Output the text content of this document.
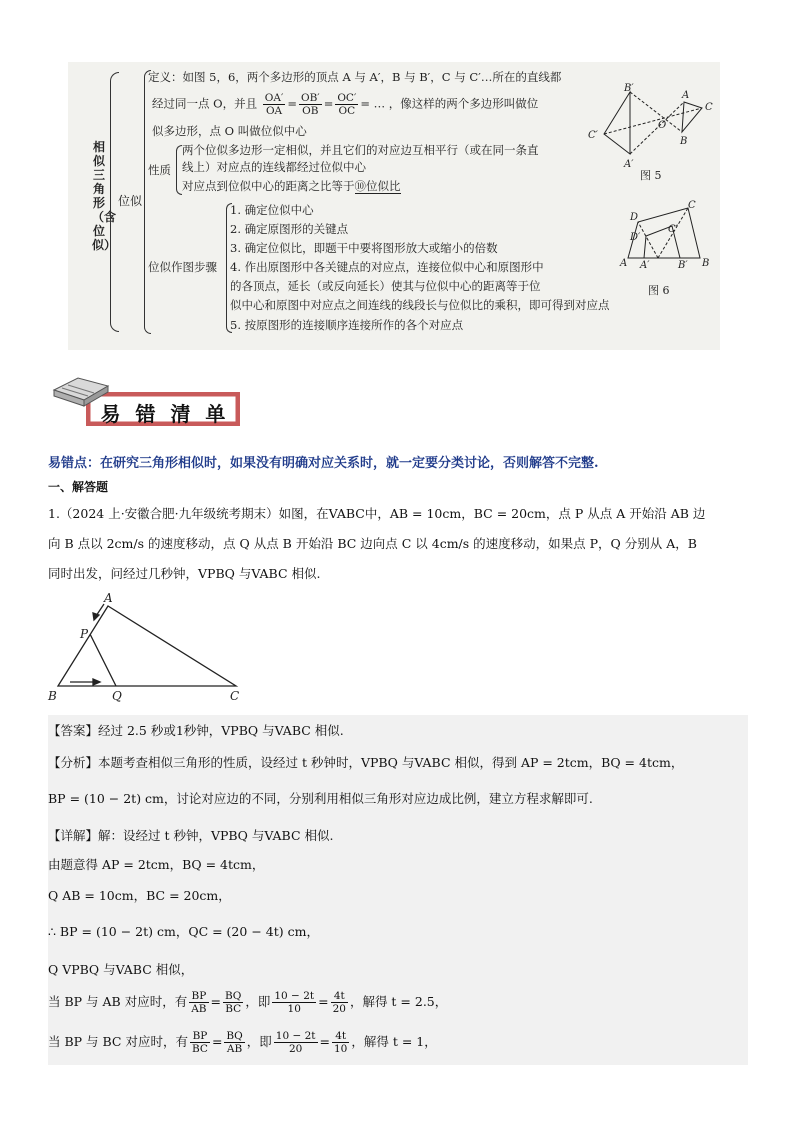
相似三角形（含位似）
位似
定义：如图 5，6，两个多边形的顶点 A 与 A′，B 与 B′，C 与 C′…所在的直线都
经过同一点 O，并且 $\frac{OA'}{OA} = \frac{OB'}{OB} = \frac{OC'}{OC}$ = … ，像这样的两个多边形叫做位
似多边形，点 O 叫做位似中心
性质
两个位似多边形一定相似，并且它们的对应边互相平行（或在同一条直
线上）对应点的连线都经过位似中心
对应点到位似中心的距离之比等于⑩位似比
位似作图步骤
1. 确定位似中心
2. 确定原图形的关键点
3. 确定位似比，即题干中要将图形放大或缩小的倍数
4. 作出原图形中各关键点的对应点，连接位似中心和原图形中
的各顶点，延长（或反向延长）使其与位似中心的距离等于位
似中心和原图中对应点之间连线的线段长与位似比的乘积，即可得到对应点
5. 按原图形的连接顺序连接所作的各个对应点
B′
A
C
C′
O
B
A′
图 5
D
C
D′
C′
A A′	B′ B
图 6
易 错 清 单
易错点：在研究三角形相似时，如果没有明确对应关系时，就一定要分类讨论，否则解答不完整.
一、解答题
1.（2024 上·安徽合肥·九年级统考期末）如图，在VABC中，AB = 10cm，BC = 20cm，点 P 从点 A 开始沿 AB 边
向 B 点以 2cm/s 的速度移动，点 Q 从点 B 开始沿 BC 边向点 C 以 4cm/s 的速度移动，如果点 P，Q 分别从 A，B
同时出发，问经过几秒钟，VPBQ 与VABC 相似.
A
P
B	Q	C
【答案】经过 2.5 秒或1秒钟，VPBQ 与VABC 相似.
【分析】本题考查相似三角形的性质，设经过 t 秒钟时，VPBQ 与VABC 相似，得到 AP = 2tcm，BQ = 4tcm，
BP = (10 − 2t) cm，讨论对应边的不同，分别利用相似三角形对应边成比例，建立方程求解即可.
【详解】解：设经过 t 秒钟，VPBQ 与VABC 相似.
由题意得 AP = 2tcm，BQ = 4tcm，
Q AB = 10cm，BC = 20cm，
∴ BP = (10 − 2t) cm，QC = (20 − 4t) cm，
Q VPBQ 与VABC 相似，
当 BP 与 AB 对应时，有 $\frac{BP}{AB} = \frac{BQ}{BC}$ ，即 $\frac{10 - 2t}{10} = \frac{4t}{20}$ ，解得 t = 2.5，
当 BP 与 BC 对应时，有 $\frac{BP}{BC} = \frac{BQ}{AB}$ ，即 $\frac{10 - 2t}{20} = \frac{4t}{10}$ ，解得 t = 1，
